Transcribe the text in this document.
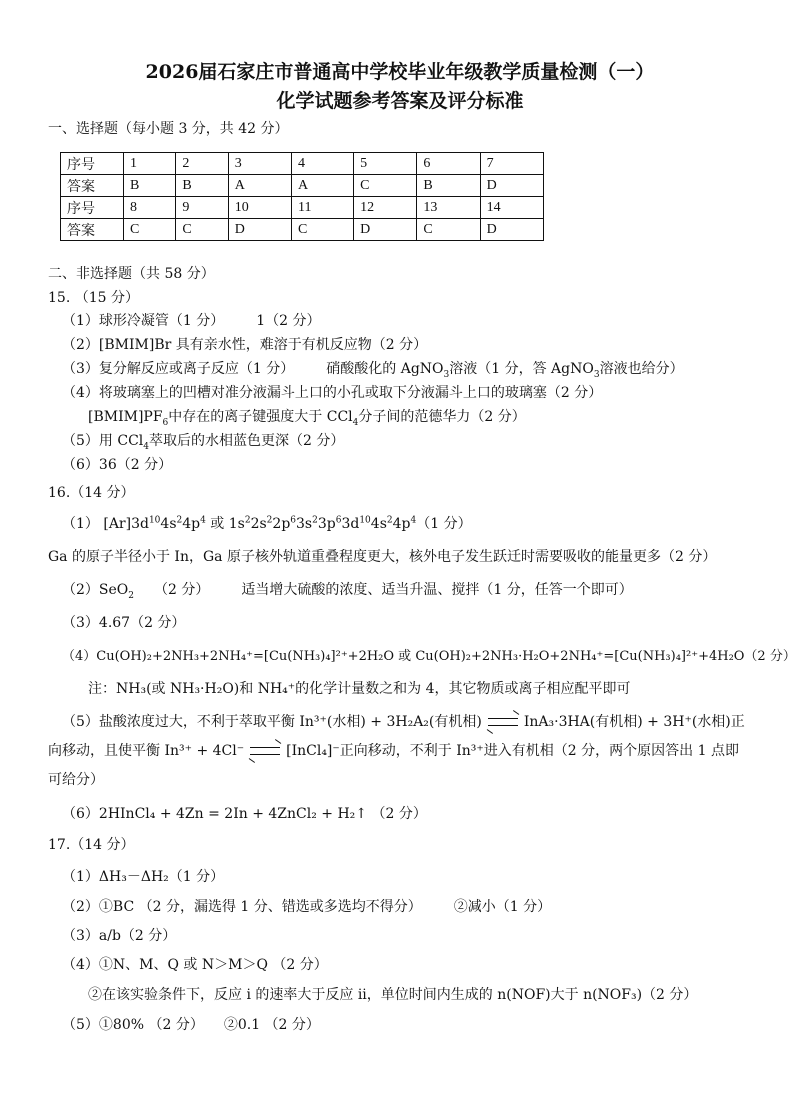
2026届石家庄市普通高中学校毕业年级教学质量检测（一）
化学试题参考答案及评分标准
一、选择题（每小题 3 分，共 42 分）
序号	1	2	3	4	5	6	7
答案	B	B	A	A	C	B	D
序号	8	9	10	11	12	13	14
答案	C	C	D	C	D	C	D
二、非选择题（共 58 分）
15. （15 分）
（1）球形冷凝管（1 分） 1（2 分）
（2）[BMIM]Br 具有亲水性，难溶于有机反应物（2 分）
（3）复分解反应或离子反应（1 分） 硝酸酸化的 AgNO$_3$溶液（1 分，答 AgNO$_3$溶液也给分）
（4）将玻璃塞上的凹槽对准分液漏斗上口的小孔或取下分液漏斗上口的玻璃塞（2 分）
$[BMIM]PF_6$中存在的离子键强度大于 CCl$_4$分子间的范德华力（2 分）
（5）用 CCl$_4$萃取后的水相蓝色更深（2 分）
（6）36（2 分）
16.（14 分）
（1） $[Ar]3d^{10}4s^24p^4$ 或 $1s^22s^22p^63s^23p^63d^{10}4s^24p^4(1$ 分）
Ga 的原子半径小于 In，Ga 原子核外轨道重叠程度更大，核外电子发生跃迁时需要吸收的能量更多（2 分）
（2）SeO$_2$ （2 分） 适当增大硫酸的浓度、适当升温、搅拌（1 分，任答一个即可）
（3）4.67（2 分）
（4）Cu(OH)₂+2NH₃+2NH₄⁺=[Cu(NH₃)₄]²⁺+2H₂O 或 Cu(OH)₂+2NH₃·H₂O+2NH₄⁺=[Cu(NH₃)₄]²⁺+4H₂O（2 分）
注：NH₃(或 NH₃·H₂O)和 NH₄⁺的化学计量数之和为 4，其它物质或离子相应配平即可
（5）盐酸浓度过大，不利于萃取平衡 In³⁺(水相) + 3H₂A₂(有机相)	InA₃·3HA(有机相) + 3H⁺(水相)正
向移动，且使平衡 In³⁺ + 4Cl⁻	[InCl₄]⁻正向移动，不利于 In³⁺进入有机相（2 分，两个原因答出 1 点即
可给分）
（6）2HInCl₄ + 4Zn = 2In + 4ZnCl₂ + H₂↑ （2 分）
17.（14 分）
（1）ΔH₃－ΔH₂（1 分）
（2）①BC （2 分，漏选得 1 分、错选或多选均不得分） ②减小（1 分）
（3）a/b（2 分）
（4）①N、M、Q 或 N＞M＞Q （2 分）
②在该实验条件下，反应 i 的速率大于反应 ii，单位时间内生成的 n(NOF)大于 n(NOF₃)（2 分）
（5）①80% （2 分） ②0.1 （2 分）
